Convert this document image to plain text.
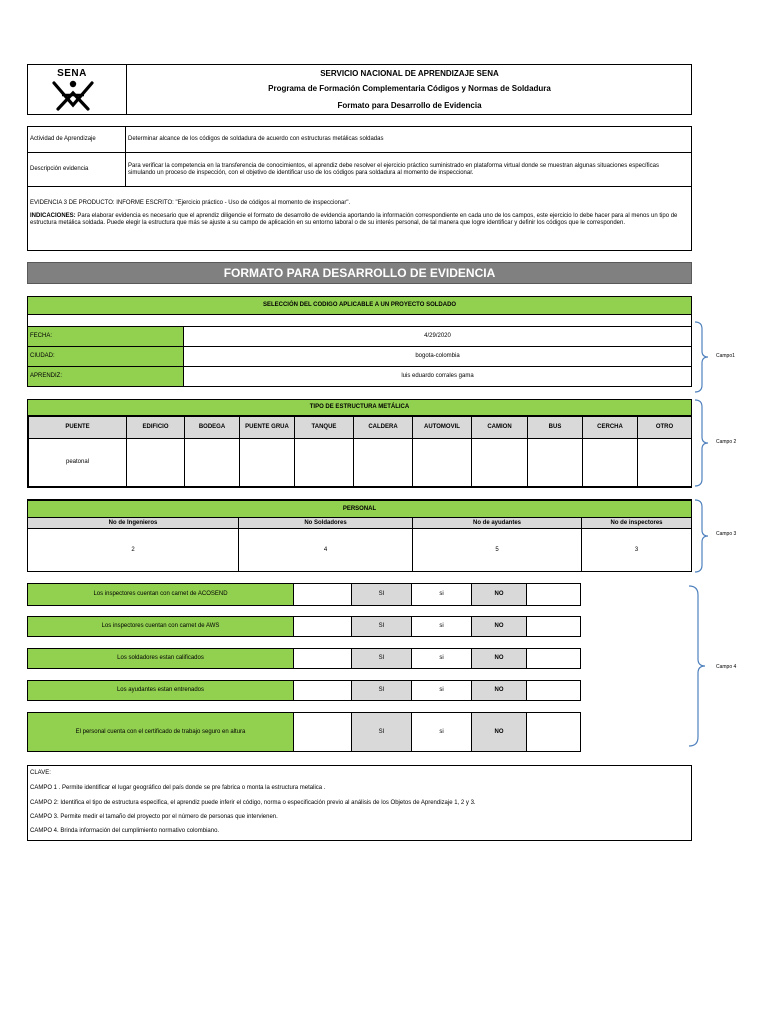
SENA	SERVICIO NACIONAL DE APRENDIZAJE SENA
Programa de Formación Complementaria Códigos y Normas de Soldadura
Formato para Desarrollo de Evidencia
Actividad de Aprendizaje	Determinar alcance de los códigos de soldadura de acuerdo con estructuras metálicas soldadas
Descripción evidencia
Para verificar la competencia en la transferencia de conocimientos, el aprendiz debe resolver el ejercicio práctico suministrado en plataforma virtual donde se muestran algunas situaciones específicas simulando un proceso de inspección, con el objetivo de identificar uso de los códigos para soldadura al momento de inspeccionar.
EVIDENCIA 3 DE PRODUCTO: INFORME ESCRITO: "Ejercicio práctico - Uso de códigos al momento de inspeccionar".
INDICACIONES: Para elaborar evidencia es necesario que el aprendiz diligencie el formato de desarrollo de evidencia aportando la información correspondiente en cada uno de los campos, este ejercicio lo debe hacer para al menos un tipo de estructura metálica soldada. Puede elegir la estructura que más se ajuste a su campo de aplicación en su entorno laboral o de su interés personal, de tal manera que logre identificar y definir los códigos que le corresponden.
FORMATO PARA DESARROLLO DE EVIDENCIA
SELECCIÓN DEL CODIGO APLICABLE A UN PROYECTO SOLDADO
FECHA:	4/29/2020
CIUDAD:	bogota-colombia
APRENDIZ:	luis eduardo corrales gama
TIPO DE ESTRUCTURA METÁLICA
PUENTE	EDIFICIO	BODEGA	PUENTE GRUA	TANQUE	CALDERA	AUTOMOVIL	CAMION	BUS	CERCHA	OTRO
peatonal										
PERSONAL
No de Ingenieros	No Soldadores	No de ayudantes	No de inspectores
2	4	5	3
Los inspectores cuentan con carnet de ACOSEND	SI	si	NO
Los inspectores cuentan con carnet de AWS	SI	si	NO
Los soldadores estan calificados	SI	si	NO
Los ayudantes estan entrenados	SI	si	NO
El personal cuenta con el certificado de trabajo seguro en altura	SI	si	NO
Campo1
Campo 2
Campo 3
Campo 4
CLAVE:
CAMPO 1 . Permite identificar el lugar geográfico del país donde se pre fabrica o monta la estructura metalica .
CAMPO 2: Identifica el tipo de estructura especifica, el aprendiz puede inferir el código, norma o especificación previo al análisis de los Objetos de Aprendizaje 1, 2 y 3.
CAMPO 3. Permite medir el tamaño del proyecto por el número de personas que intervienen.
CAMPO 4. Brinda información del cumplimiento normativo colombiano.
